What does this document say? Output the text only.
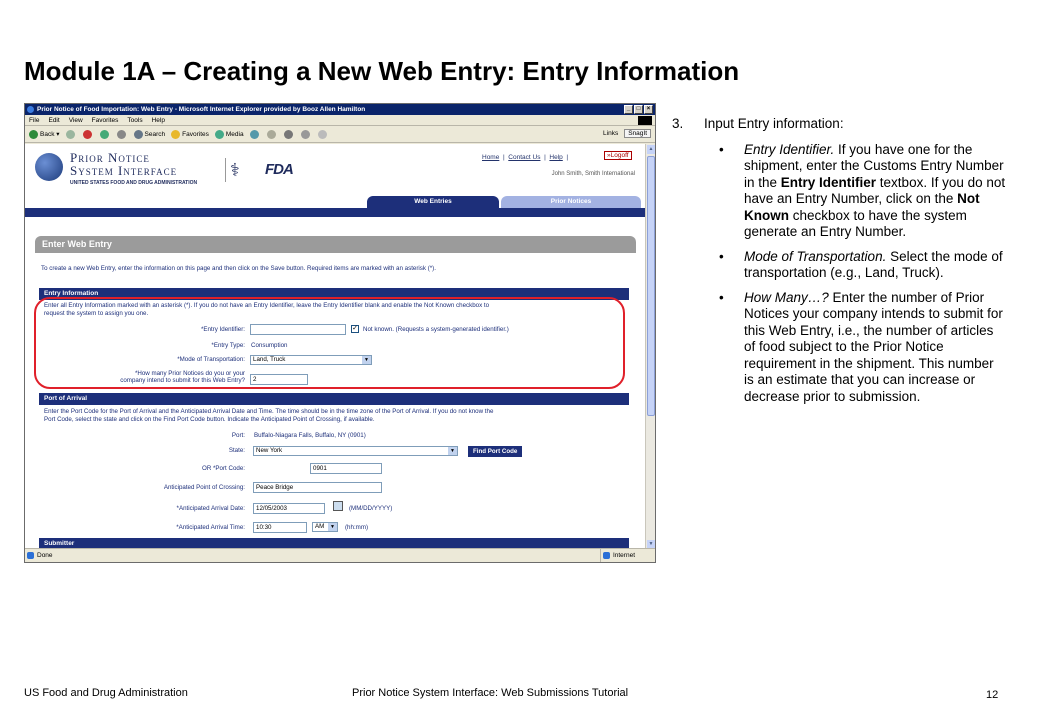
Module 1A – Creating a New Web Entry: Entry Information
Prior Notice of Food Importation: Web Entry - Microsoft Internet Explorer provided by Booz Allen Hamilton	_	□	×
File Edit View Favorites Tools Help
Back ▾	Search	Favorites	Media	Links	SnagIt
Prior Notice
System Interface
UNITED STATES FOOD AND DRUG ADMINISTRATION
⚕	FDA
Home | Contact Us | Help |	»Logoff
John Smith, Smith International
Web Entries	Prior Notices
Enter Web Entry
To create a new Web Entry, enter the information on this page and then click on the Save button. Required items are marked with an asterisk (*).
Entry Information
Enter all Entry Information marked with an asterisk (*). If you do not have an Entry Identifier, leave the Entry Identifier blank and enable the Not Known checkbox to
request the system to assign you one.
*Entry Identifier:	✓ Not known. (Requests a system-generated identifier.)
*Entry Type: Consumption
*Mode of Transportation:	Land, Truck	▼
*How many Prior Notices do you or your
company intend to submit for this Web Entry?	2
Port of Arrival
Enter the Port Code for the Port of Arrival and the Anticipated Arrival Date and Time. The time should be in the time zone of the Port of Arrival. If you do not know the
Port Code, select the state and click on the Find Port Code button. Indicate the Anticipated Point of Crossing, if available.
Port: Buffalo-Niagara Falls, Buffalo, NY (0901)
State:	New York	▼	Find Port Code
OR *Port Code:	0901
Anticipated Point of Crossing:	Peace Bridge
*Anticipated Arrival Date:	12/05/2003	(MM/DD/YYYY)
*Anticipated Arrival Time:	10:30	AM	▼	(hh:mm)
Submitter
▲
▼
Done	Internet
3.	Input Entry information:
• Entry Identifier. If you have one for the shipment, enter the Customs Entry Number in the Entry Identifier textbox. If you do not have an Entry Number, click on the Not Known checkbox to have the system generate an Entry Number.
• Mode of Transportation. Select the mode of transportation (e.g., Land, Truck).
• How Many…? Enter the number of Prior Notices your company intends to submit for this Web Entry, i.e., the number of articles of food subject to the Prior Notice requirement in the shipment. This number is an estimate that you can increase or decrease prior to submission.
US Food and Drug Administration	Prior Notice System Interface: Web Submissions Tutorial	12
